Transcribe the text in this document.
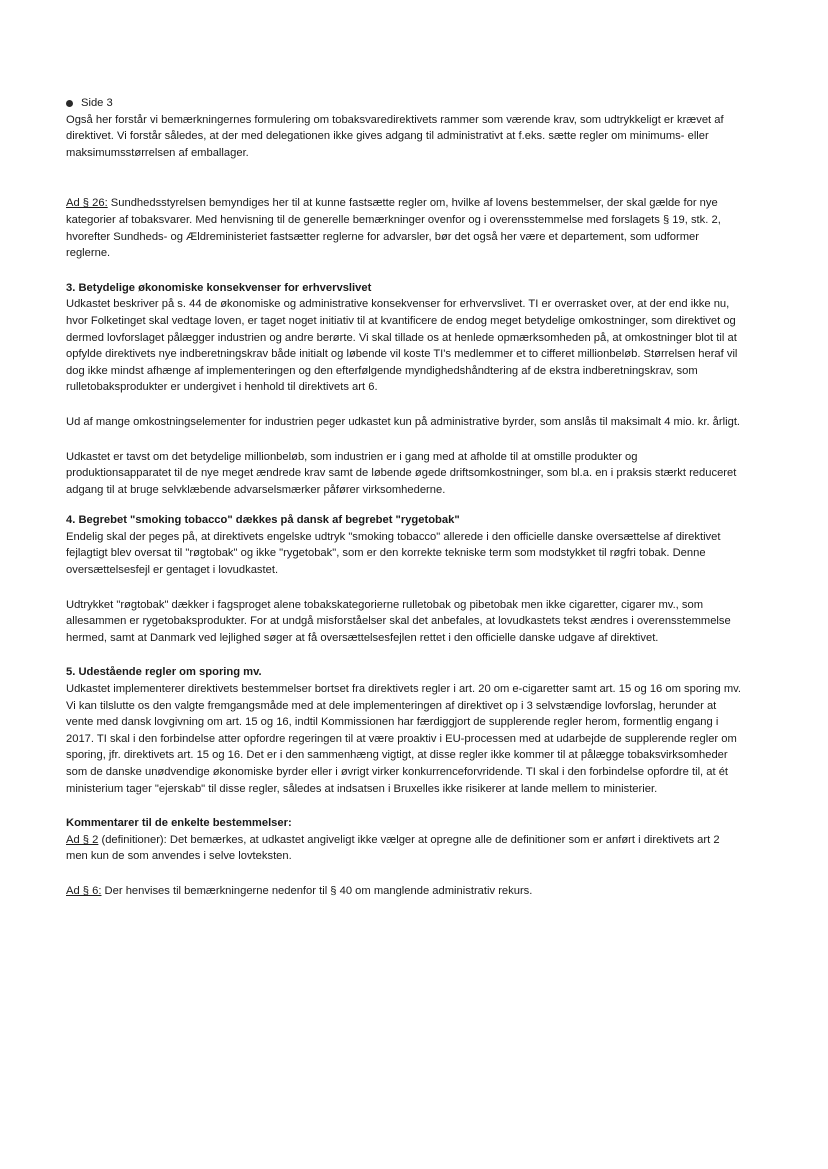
Side 3

Også her forstår vi bemærkningernes formulering om tobaksvaredirektivets rammer som værende krav, som udtrykkeligt er krævet af direktivet. Vi forstår således, at der med delegationen ikke gives adgang til administrativt at f.eks. sætte regler om minimums- eller maksimumsstørrelsen af emballager.

Ad § 26: Sundhedsstyrelsen bemyndiges her til at kunne fastsætte regler om, hvilke af lovens bestemmelser, der skal gælde for nye kategorier af tobaksvarer. Med henvisning til de generelle bemærkninger ovenfor og i overensstemmelse med forslagets § 19, stk. 2, hvorefter Sundheds- og Ældreministeriet fastsætter reglerne for advarsler, bør det også her være et departement, som udformer reglerne.

3. Betydelige økonomiske konsekvenser for erhvervslivet

Udkastet beskriver på s. 44 de økonomiske og administrative konsekvenser for erhvervslivet. TI er overrasket over, at der end ikke nu, hvor Folketinget skal vedtage loven, er taget noget initiativ til at kvantificere de endog meget betydelige omkostninger, som direktivet og dermed lovforslaget pålægger industrien og andre berørte. Vi skal tillade os at henlede opmærksomheden på, at omkostninger blot til at opfylde direktivets nye indberetningskrav både initialt og løbende vil koste TI's medlemmer et to cifferet millionbeløb. Størrelsen heraf vil dog ikke mindst afhænge af implementeringen og den efterfølgende myndighedshåndtering af de ekstra indberetningskrav, som rulletobaksprodukter er undergivet i henhold til direktivets art 6.

Ud af mange omkostningselementer for industrien peger udkastet kun på administrative byrder, som anslås til maksimalt 4 mio. kr. årligt.

Udkastet er tavst om det betydelige millionbeløb, som industrien er i gang med at afholde til at omstille produkter og produktionsapparatet til de nye meget ændrede krav samt de løbende øgede driftsomkostninger, som bl.a. en i praksis stærkt reduceret adgang til at bruge selvklæbende advarselsmærker påfører virksomhederne.

4. Begrebet "smoking tobacco" dækkes på dansk af begrebet "rygetobak"

Endelig skal der peges på, at direktivets engelske udtryk "smoking tobacco" allerede i den officielle danske oversættelse af direktivet fejlagtigt blev oversat til "røgtobak" og ikke "rygetobak", som er den korrekte tekniske term som modstykket til røgfri tobak. Denne oversættelsesfejl er gentaget i lovudkastet.

Udtrykket "røgtobak" dækker i fagsproget alene tobakskategorierne rulletobak og pibetobak men ikke cigaretter, cigarer mv., som allesammen er rygetobaksprodukter. For at undgå misforståelser skal det anbefales, at lovudkastets tekst ændres i overensstemmelse hermed, samt at Danmark ved lejlighed søger at få oversættelsesfejlen rettet i den officielle danske udgave af direktivet.

5. Udestående regler om sporing mv.

Udkastet implementerer direktivets bestemmelser bortset fra direktivets regler i art. 20 om e-cigaretter samt art. 15 og 16 om sporing mv. Vi kan tilslutte os den valgte fremgangsmåde med at dele implementeringen af direktivet op i 3 selvstændige lovforslag, herunder at vente med dansk lovgivning om art. 15 og 16, indtil Kommissionen har færdiggjort de supplerende regler herom, formentlig engang i 2017. TI skal i den forbindelse atter opfordre regeringen til at være proaktiv i EU-processen med at udarbejde de supplerende regler om sporing, jfr. direktivets art. 15 og 16. Det er i den sammenhæng vigtigt, at disse regler ikke kommer til at pålægge tobaksvirksomheder som de danske unødvendige økonomiske byrder eller i øvrigt virker konkurrenceforvridende. TI skal i den forbindelse opfordre til, at ét ministerium tager "ejerskab" til disse regler, således at indsatsen i Bruxelles ikke risikerer at lande mellem to ministerier.

Kommentarer til de enkelte bestemmelser:

Ad § 2 (definitioner): Det bemærkes, at udkastet angiveligt ikke vælger at opregne alle de definitioner som er anført i direktivets art 2 men kun de som anvendes i selve lovteksten.

Ad § 6: Der henvises til bemærkningerne nedenfor til § 40 om manglende administrativ rekurs.
